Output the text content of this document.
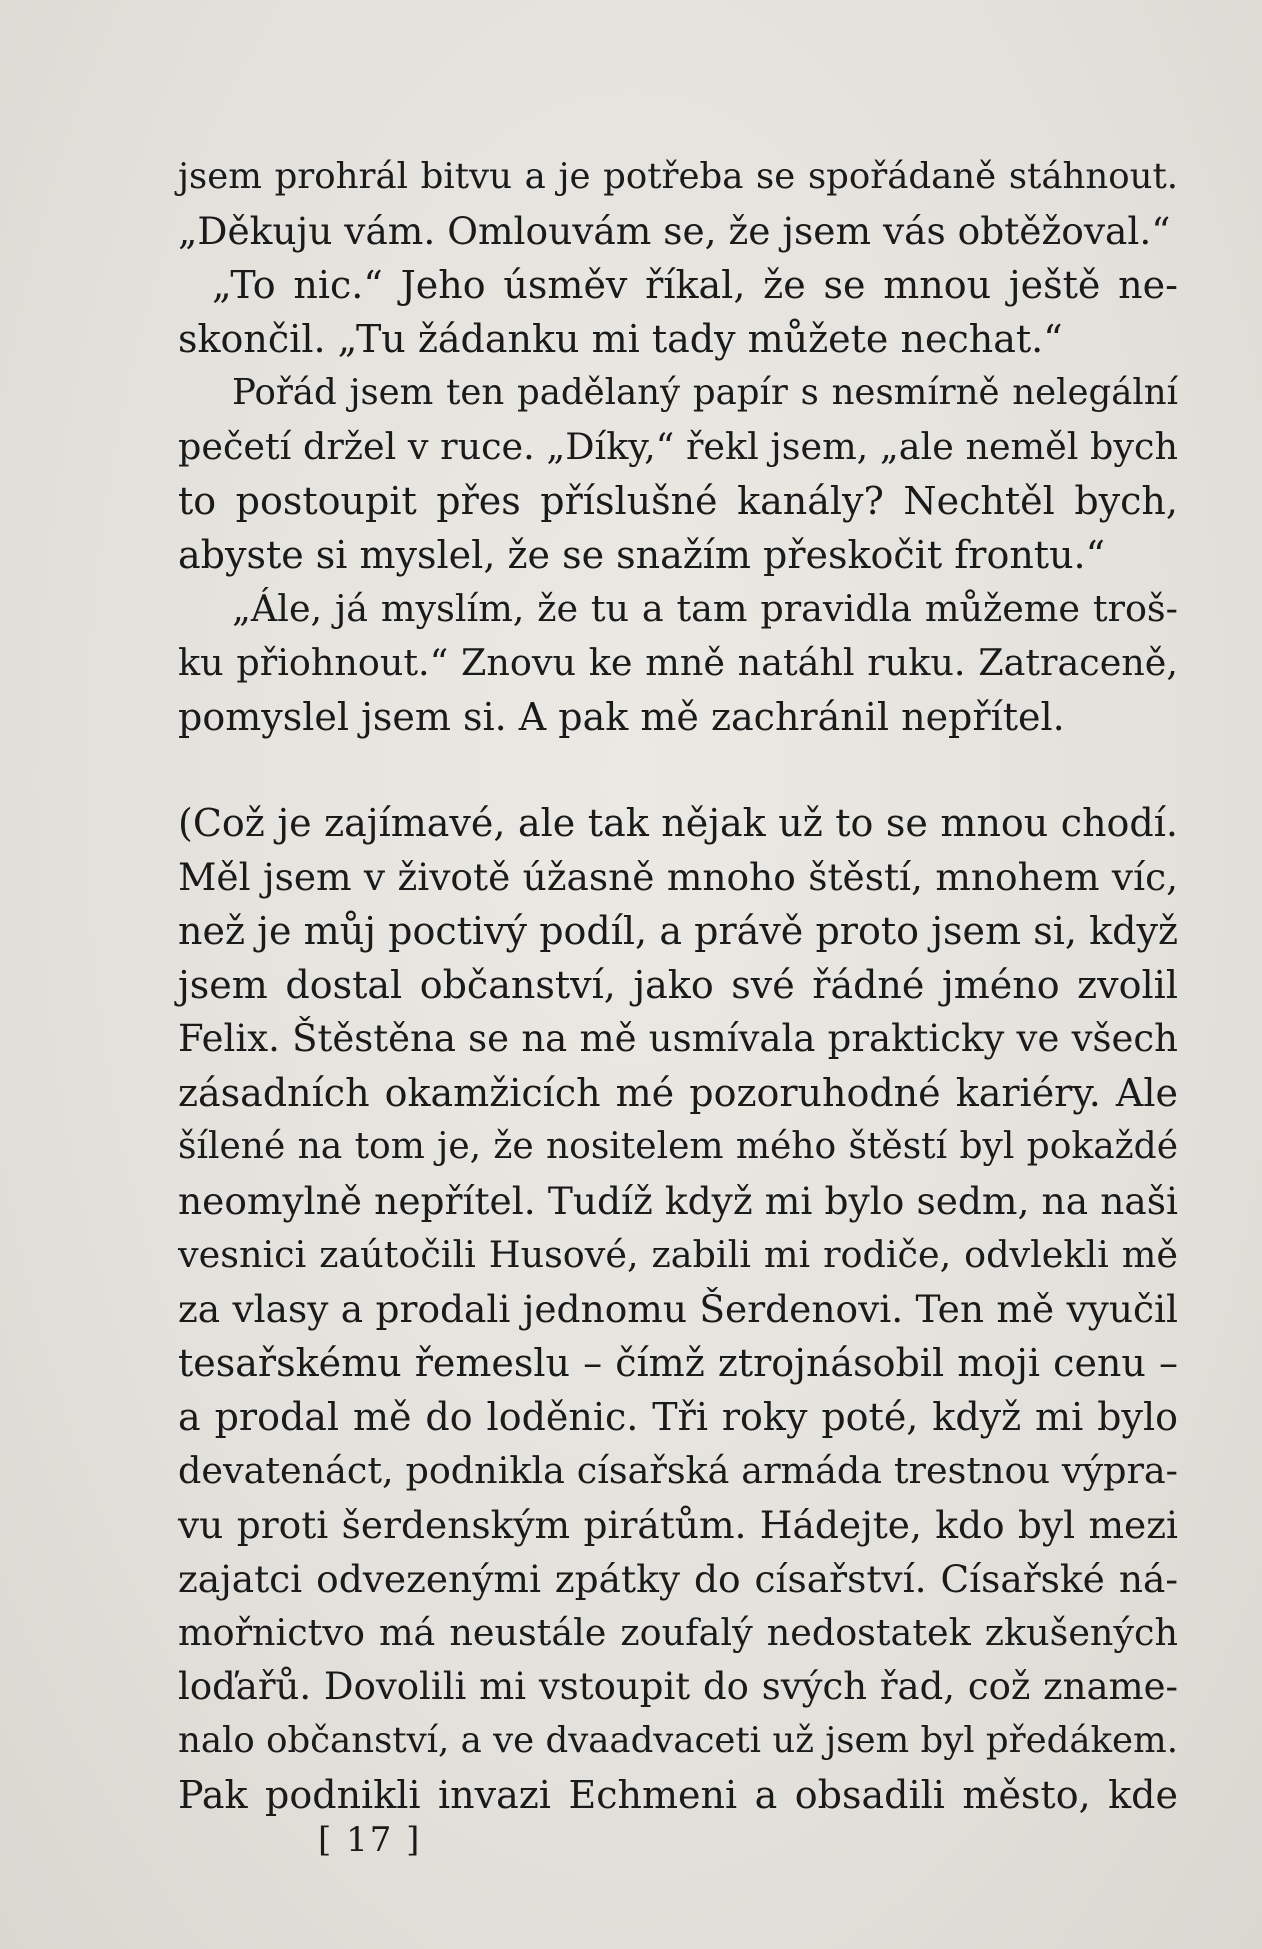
jsem prohrál bitvu a je potřeba se spořádaně stáhnout.
„Děkuju vám. Omlouvám se, že jsem vás obtěžoval.“
„To nic.“ Jeho úsměv říkal, že se mnou ještě ne-
skončil. „Tu žádanku mi tady můžete nechat.“
Pořád jsem ten padělaný papír s nesmírně nelegální
pečetí držel v ruce. „Díky,“ řekl jsem, „ale neměl bych
to postoupit přes příslušné kanály? Nechtěl bych,
abyste si myslel, že se snažím přeskočit frontu.“
„Ále, já myslím, že tu a tam pravidla můžeme troš-
ku přiohnout.“ Znovu ke mně natáhl ruku. Zatraceně,
pomyslel jsem si. A pak mě zachránil nepřítel.
(Což je zajímavé, ale tak nějak už to se mnou chodí.
Měl jsem v životě úžasně mnoho štěstí, mnohem víc,
než je můj poctivý podíl, a právě proto jsem si, když
jsem dostal občanství, jako své řádné jméno zvolil
Felix. Štěstěna se na mě usmívala prakticky ve všech
zásadních okamžicích mé pozoruhodné kariéry. Ale
šílené na tom je, že nositelem mého štěstí byl pokaždé
neomylně nepřítel. Tudíž když mi bylo sedm, na naši
vesnici zaútočili Husové, zabili mi rodiče, odvlekli mě
za vlasy a prodali jednomu Šerdenovi. Ten mě vyučil
tesařskému řemeslu – čímž ztrojnásobil moji cenu –
a prodal mě do loděnic. Tři roky poté, když mi bylo
devatenáct, podnikla císařská armáda trestnou výpra-
vu proti šerdenským pirátům. Hádejte, kdo byl mezi
zajatci odvezenými zpátky do císařství. Císařské ná-
mořnictvo má neustále zoufalý nedostatek zkušených
loďařů. Dovolili mi vstoupit do svých řad, což zname-
nalo občanství, a ve dvaadvaceti už jsem byl předákem.
Pak podnikli invazi Echmeni a obsadili město, kde
[ 17 ]
